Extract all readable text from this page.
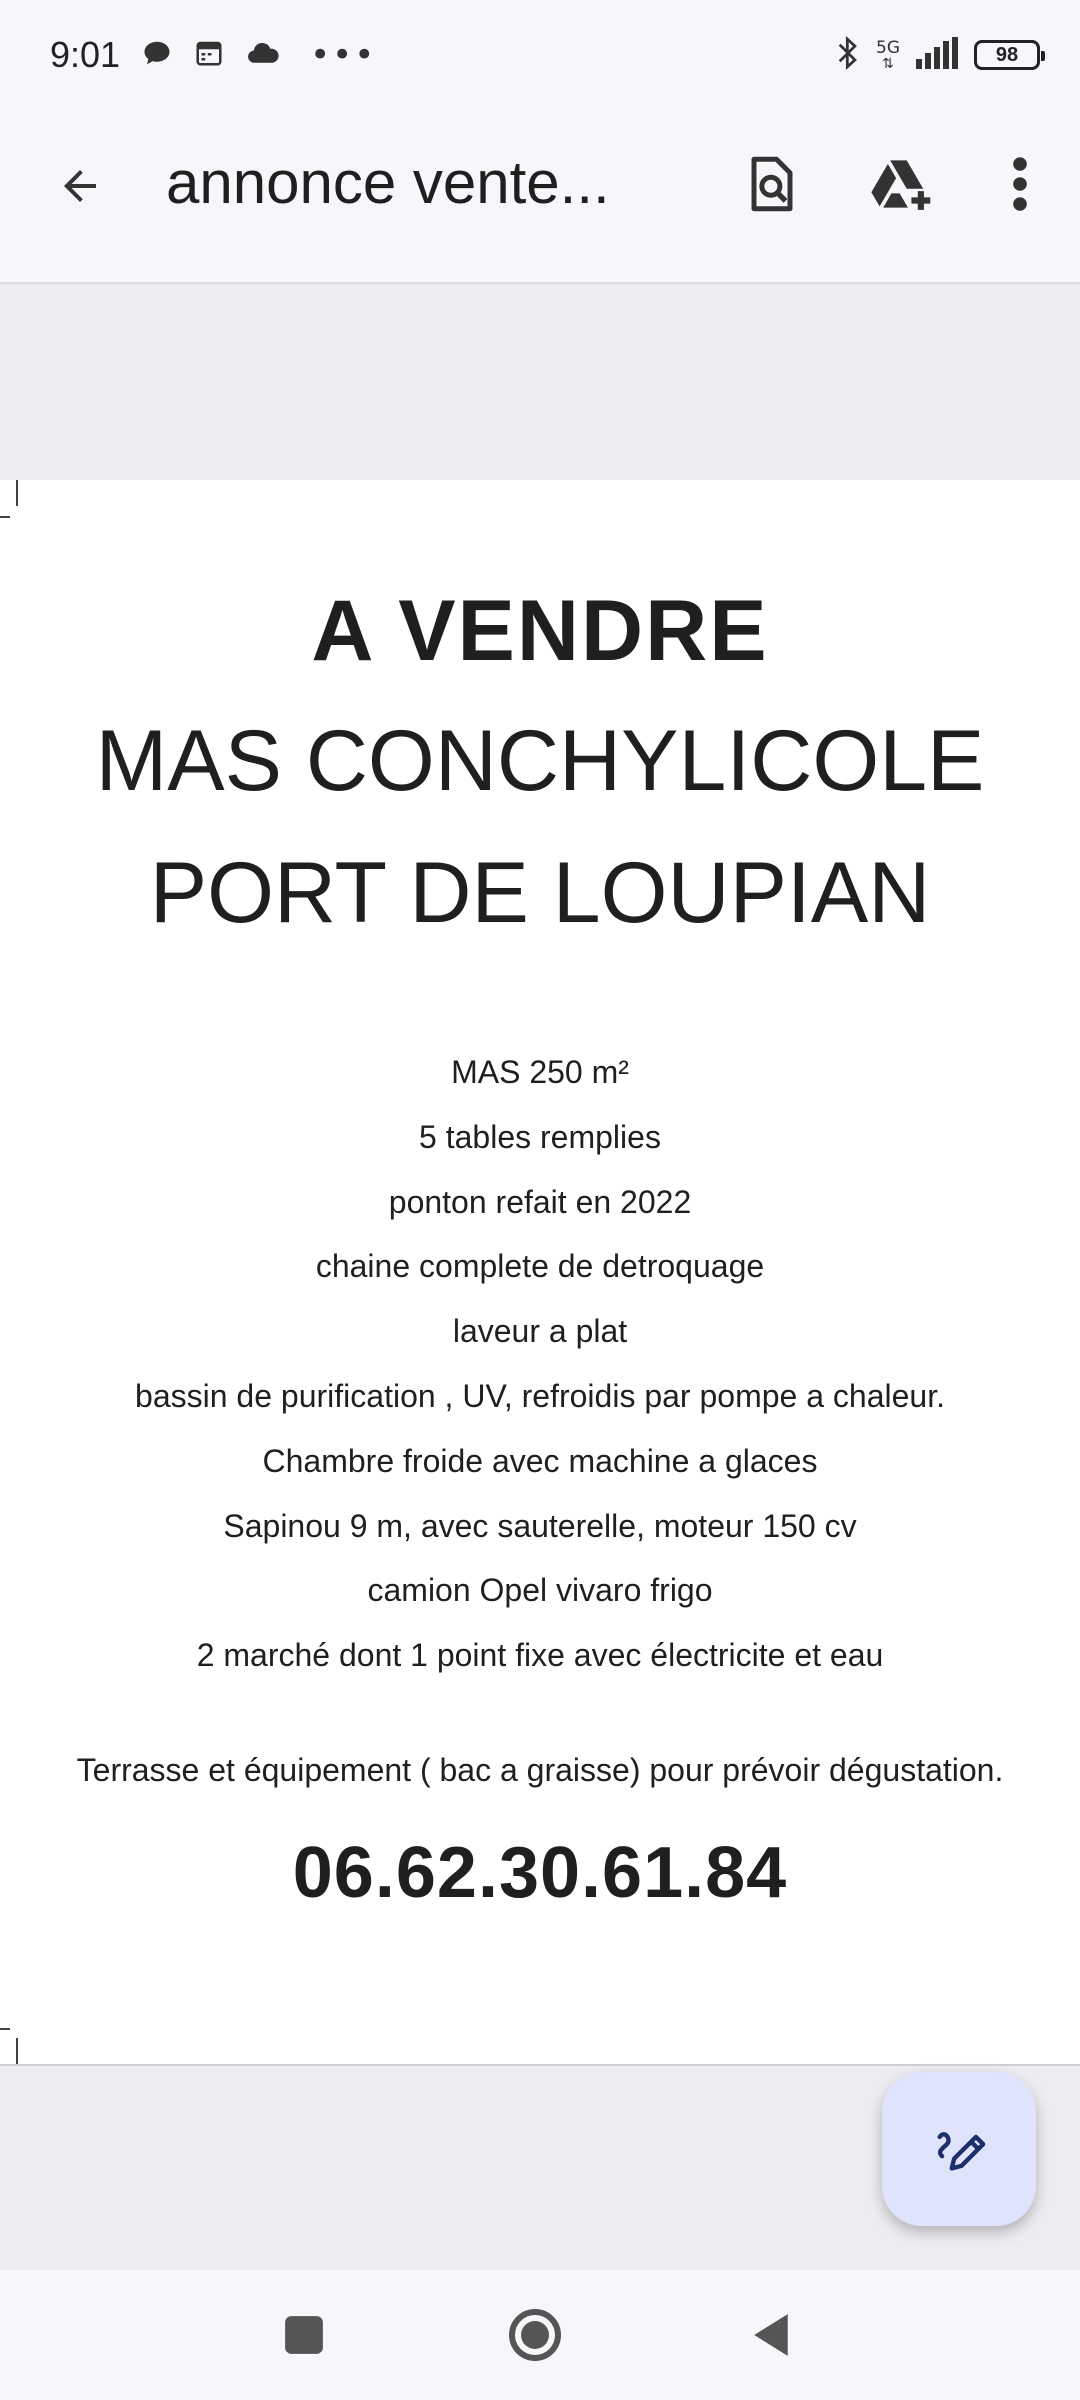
9:01	•••	5G
⇅	98
annonce vente...
A VENDRE
MAS CONCHYLICOLE
PORT DE LOUPIAN
MAS 250 m²
5 tables remplies
ponton refait en 2022
chaine complete de detroquage
laveur a plat
bassin de purification , UV, refroidis par pompe a chaleur.
Chambre froide avec machine a glaces
Sapinou 9 m, avec sauterelle, moteur 150 cv
camion Opel vivaro frigo
2 marché dont 1 point fixe avec électricite et eau
Terrasse et équipement ( bac a graisse) pour prévoir dégustation.
06.62.30.61.84
